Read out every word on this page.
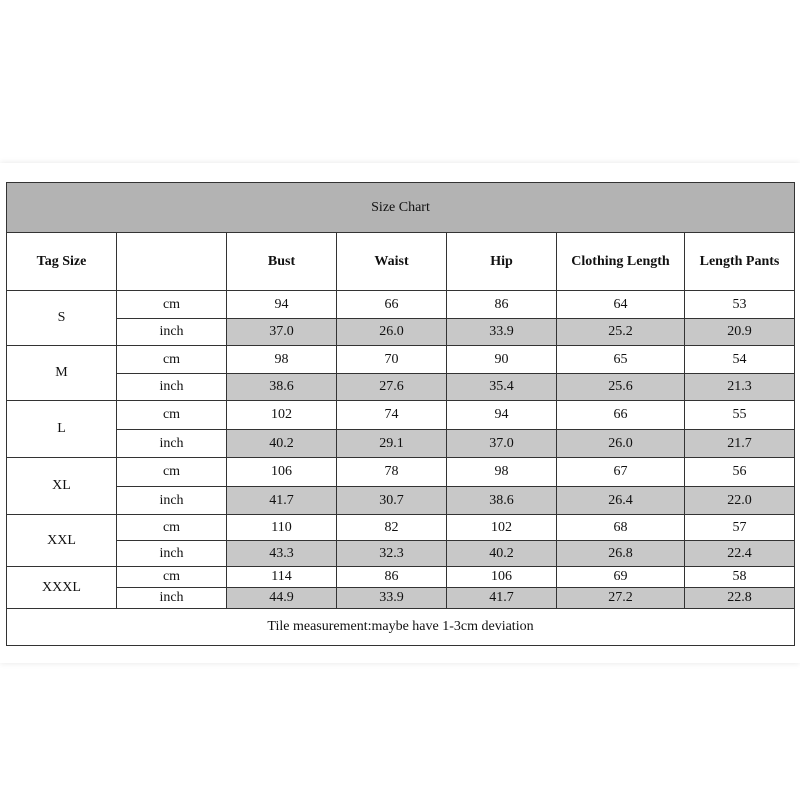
Size Chart						
Tag Size		Bust	Waist	Hip	Clothing Length	Length Pants
S	cm	94	66	86	64	53
	inch	37.0	26.0	33.9	25.2	20.9
M	cm	98	70	90	65	54
	inch	38.6	27.6	35.4	25.6	21.3
L	cm	102	74	94	66	55
	inch	40.2	29.1	37.0	26.0	21.7
XL	cm	106	78	98	67	56
	inch	41.7	30.7	38.6	26.4	22.0
XXL	cm	110	82	102	68	57
	inch	43.3	32.3	40.2	26.8	22.4
XXXL	cm	114	86	106	69	58
	inch	44.9	33.9	41.7	27.2	22.8
Tile measurement:maybe have 1-3cm deviation						
